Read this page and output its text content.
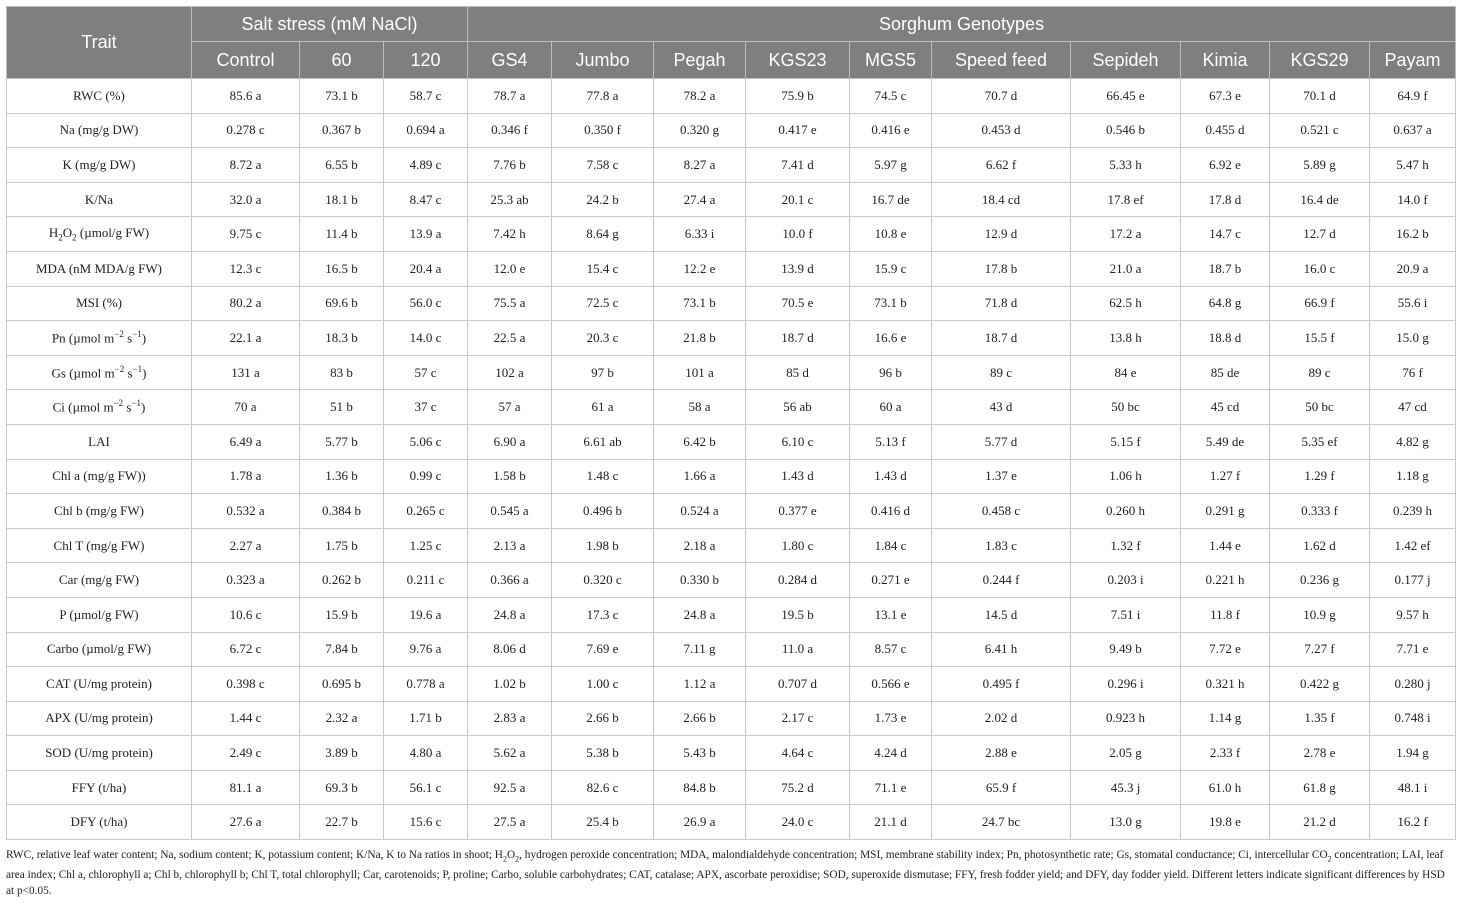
Trait	Salt stress (mM NaCl)			Sorghum Genotypes									
	Control	60	120	GS4	Jumbo	Pegah	KGS23	MGS5	Speed feed	Sepideh	Kimia	KGS29	Payam
RWC (%)	85.6 a	73.1 b	58.7 c	78.7 a	77.8 a	78.2 a	75.9 b	74.5 c	70.7 d	66.45 e	67.3 e	70.1 d	64.9 f
Na (mg/g DW)	0.278 c	0.367 b	0.694 a	0.346 f	0.350 f	0.320 g	0.417 e	0.416 e	0.453 d	0.546 b	0.455 d	0.521 c	0.637 a
K (mg/g DW)	8.72 a	6.55 b	4.89 c	7.76 b	7.58 c	8.27 a	7.41 d	5.97 g	6.62 f	5.33 h	6.92 e	5.89 g	5.47 h
K/Na	32.0 a	18.1 b	8.47 c	25.3 ab	24.2 b	27.4 a	20.1 c	16.7 de	18.4 cd	17.8 ef	17.8 d	16.4 de	14.0 f
$H_2O_2$ (µmol/g FW)	9.75 c	11.4 b	13.9 a	7.42 h	8.64 g	6.33 i	10.0 f	10.8 e	12.9 d	17.2 a	14.7 c	12.7 d	16.2 b
MDA (nM MDA/g FW)	12.3 c	16.5 b	20.4 a	12.0 e	15.4 c	12.2 e	13.9 d	15.9 c	17.8 b	21.0 a	18.7 b	16.0 c	20.9 a
MSI (%)	80.2 a	69.6 b	56.0 c	75.5 a	72.5 c	73.1 b	70.5 e	73.1 b	71.8 d	62.5 h	64.8 g	66.9 f	55.6 i
Pn (µmol $m^{-2}$ $s^{-1}$)	22.1 a	18.3 b	14.0 c	22.5 a	20.3 c	21.8 b	18.7 d	16.6 e	18.7 d	13.8 h	18.8 d	15.5 f	15.0 g
Gs (µmol $m^{-2}$ $s^{-1}$)	131 a	83 b	57 c	102 a	97 b	101 a	85 d	96 b	89 c	84 e	85 de	89 c	76 f
Ci (µmol $m^{-2}$ $s^{-1}$)	70 a	51 b	37 c	57 a	61 a	58 a	56 ab	60 a	43 d	50 bc	45 cd	50 bc	47 cd
LAI	6.49 a	5.77 b	5.06 c	6.90 a	6.61 ab	6.42 b	6.10 c	5.13 f	5.77 d	5.15 f	5.49 de	5.35 ef	4.82 g
Chl a (mg/g FW))	1.78 a	1.36 b	0.99 c	1.58 b	1.48 c	1.66 a	1.43 d	1.43 d	1.37 e	1.06 h	1.27 f	1.29 f	1.18 g
Chl b (mg/g FW)	0.532 a	0.384 b	0.265 c	0.545 a	0.496 b	0.524 a	0.377 e	0.416 d	0.458 c	0.260 h	0.291 g	0.333 f	0.239 h
Chl T (mg/g FW)	2.27 a	1.75 b	1.25 c	2.13 a	1.98 b	2.18 a	1.80 c	1.84 c	1.83 c	1.32 f	1.44 e	1.62 d	1.42 ef
Car (mg/g FW)	0.323 a	0.262 b	0.211 c	0.366 a	0.320 c	0.330 b	0.284 d	0.271 e	0.244 f	0.203 i	0.221 h	0.236 g	0.177 j
P (µmol/g FW)	10.6 c	15.9 b	19.6 a	24.8 a	17.3 c	24.8 a	19.5 b	13.1 e	14.5 d	7.51 i	11.8 f	10.9 g	9.57 h
Carbo (µmol/g FW)	6.72 c	7.84 b	9.76 a	8.06 d	7.69 e	7.11 g	11.0 a	8.57 c	6.41 h	9.49 b	7.72 e	7.27 f	7.71 e
CAT (U/mg protein)	0.398 c	0.695 b	0.778 a	1.02 b	1.00 c	1.12 a	0.707 d	0.566 e	0.495 f	0.296 i	0.321 h	0.422 g	0.280 j
APX (U/mg protein)	1.44 c	2.32 a	1.71 b	2.83 a	2.66 b	2.66 b	2.17 c	1.73 e	2.02 d	0.923 h	1.14 g	1.35 f	0.748 i
SOD (U/mg protein)	2.49 c	3.89 b	4.80 a	5.62 a	5.38 b	5.43 b	4.64 c	4.24 d	2.88 e	2.05 g	2.33 f	2.78 e	1.94 g
FFY (t/ha)	81.1 a	69.3 b	56.1 c	92.5 a	82.6 c	84.8 b	75.2 d	71.1 e	65.9 f	45.3 j	61.0 h	61.8 g	48.1 i
DFY (t/ha)	27.6 a	22.7 b	15.6 c	27.5 a	25.4 b	26.9 a	24.0 c	21.1 d	24.7 bc	13.0 g	19.8 e	21.2 d	16.2 f

RWC, relative leaf water content; Na, sodium content; K, potassium content; K/Na, K to Na ratios in shoot; $H_2O_2$, hydrogen peroxide concentration; MDA, malondialdehyde concentration; MSI, membrane stability index; Pn, photosynthetic rate; Gs, stomatal conductance; Ci, intercellular $CO_2$ concentration; LAI, leaf area index; Chl a, chlorophyll a; Chl b, chlorophyll b; Chl T, total chlorophyll; Car, carotenoids; P, proline; Carbo, soluble carbohydrates; CAT, catalase; APX, ascorbate peroxidise; SOD, superoxide dismutase; FFY, fresh fodder yield; and DFY, day fodder yield. Different letters indicate significant differences by HSD at p<0.05.
